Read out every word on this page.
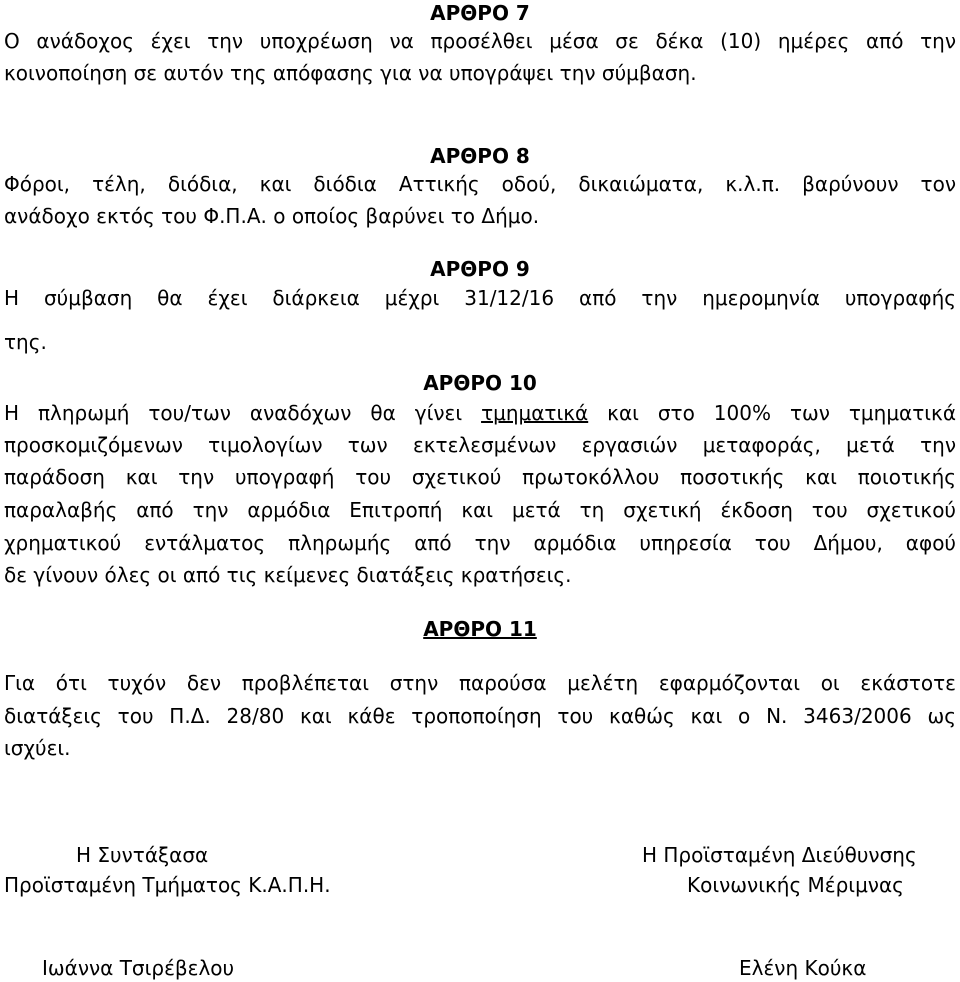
ΑΡΘΡΟ 7

Ο ανάδοχος έχει την υποχρέωση να προσέλθει μέσα σε δέκα (10) ημέρες από την

κοινοποίηση σε αυτόν της απόφασης για να υπογράψει την σύμβαση.

ΑΡΘΡΟ 8

Φόροι, τέλη, διόδια, και διόδια Αττικής οδού, δικαιώματα, κ.λ.π. βαρύνουν τον

ανάδοχο εκτός του Φ.Π.Α. ο οποίος βαρύνει το Δήμο.

ΑΡΘΡΟ 9

Η σύμβαση θα έχει διάρκεια μέχρι 31/12/16 από την ημερομηνία υπογραφής

της.

ΑΡΘΡΟ 10

Η πληρωμή του/των αναδόχων θα γίνει τμηματικά και στο 100% των τμηματικά

προσκομιζόμενων τιμολογίων των εκτελεσμένων εργασιών μεταφοράς, μετά την

παράδοση και την υπογραφή του σχετικού πρωτοκόλλου ποσοτικής και ποιοτικής

παραλαβής από την αρμόδια Επιτροπή και μετά τη σχετική έκδοση του σχετικού

χρηματικού εντάλματος πληρωμής από την αρμόδια υπηρεσία του Δήμου, αφού

δε γίνουν όλες οι από τις κείμενες διατάξεις κρατήσεις.

ΑΡΘΡΟ 11

Για ότι τυχόν δεν προβλέπεται στην παρούσα μελέτη εφαρμόζονται οι εκάστοτε

διατάξεις του Π.Δ. 28/80 και κάθε τροποποίηση του καθώς και ο Ν. 3463/2006 ως

ισχύει.

Η Συντάξασα
Προϊσταμένη Τμήματος Κ.Α.Π.Η.
Ιωάννα Τσιρέβελου
Η Προϊσταμένη Διεύθυνσης
Κοινωνικής Μέριμνας
Ελένη Κούκα
